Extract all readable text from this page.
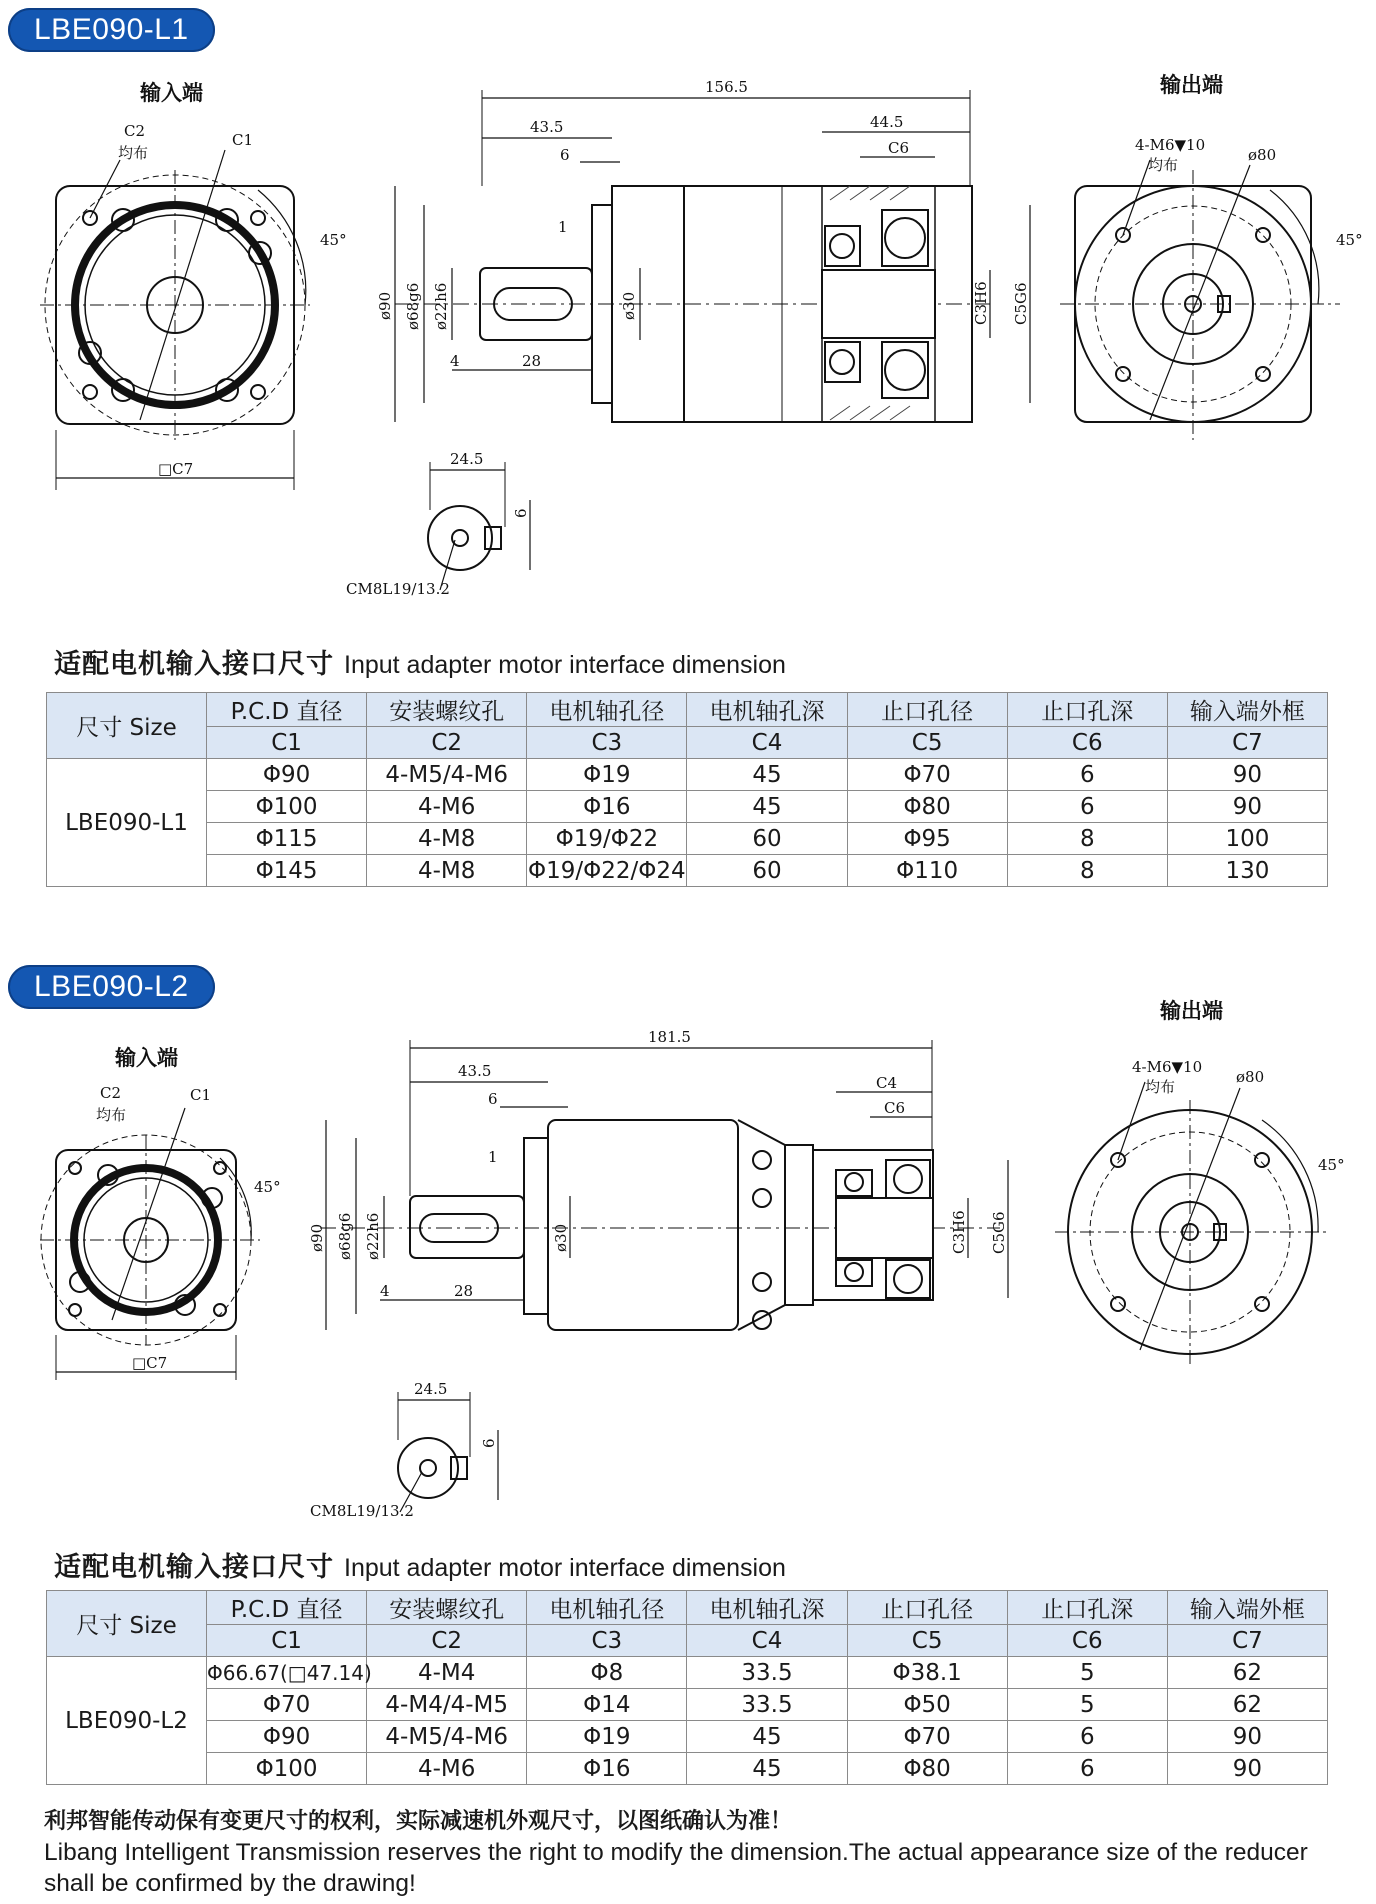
LBE090-L1
输入端
□C7
C2
均布
C1
45°
156.5
43.5
6
44.5
C6
1
4	28
ø90 ø68g6 ø22h6	ø30	C3H6 C5G6
24.5
6
CM8L19/13.2
输出端
4-M6▼10
均布
ø80
45°
适配电机输入接口尺寸 Input adapter motor interface dimension
尺寸 Size	P.C.D 直径	安装螺纹孔	电机轴孔径	电机轴孔深	止口孔径	止口孔深	输入端外框
	C1	C2	C3	C4	C5	C6	C7
LBE090-L1	Φ90	4-M5/4-M6	Φ19	45	Φ70	6	90
	Φ100	4-M6	Φ16	45	Φ80	6	90
	Φ115	4-M8	Φ19/Φ22	60	Φ95	8	100
	Φ145	4-M8	Φ19/Φ22/Φ24	60	Φ110	8	130
LBE090-L2
输入端
□C7
C2
均布
C1
45°
181.5
43.5
6
C4
C6
1
4	28
ø90 ø68g6 ø22h6	ø30	C3H6 C5G6
24.5
6
CM8L19/13.2
输出端
4-M6▼10
均布
ø80
45°
适配电机输入接口尺寸 Input adapter motor interface dimension
尺寸 Size	P.C.D 直径	安装螺纹孔	电机轴孔径	电机轴孔深	止口孔径	止口孔深	输入端外框
	C1	C2	C3	C4	C5	C6	C7
LBE090-L2	Φ66.67(□47.14)	4-M4	Φ8	33.5	Φ38.1	5	62
	Φ70	4-M4/4-M5	Φ14	33.5	Φ50	5	62
	Φ90	4-M5/4-M6	Φ19	45	Φ70	6	90
	Φ100	4-M6	Φ16	45	Φ80	6	90
利邦智能传动保有变更尺寸的权利，实际减速机外观尺寸，以图纸确认为准！
Libang Intelligent Transmission reserves the right to modify the dimension.The actual appearance size of the reducer shall be confirmed by the drawing!
